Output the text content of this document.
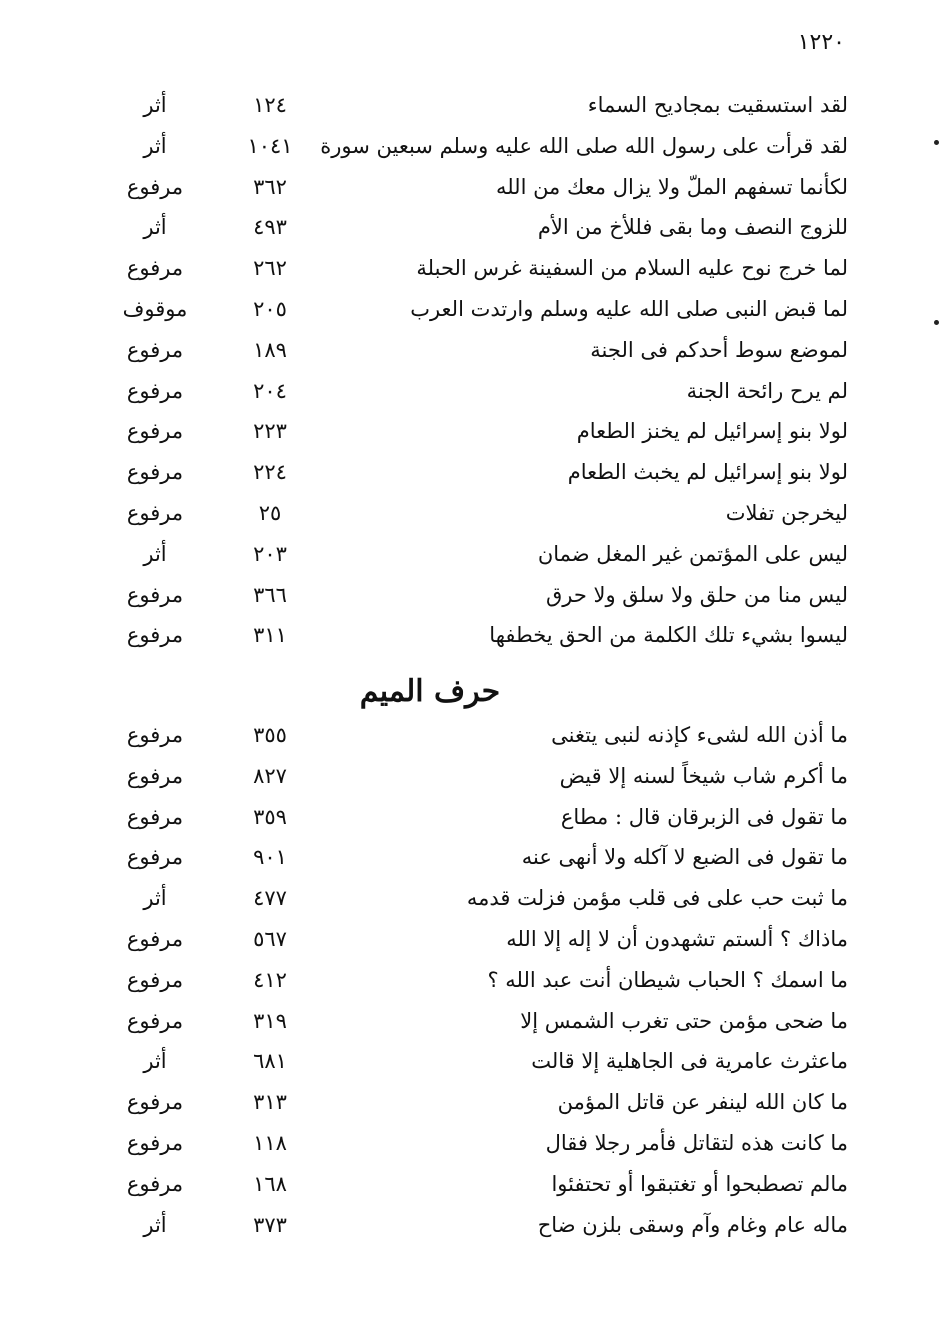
١٢٢٠
لقد استسقيت بمجاديح السماء
١٢٤
أثر
لقد قرأت على رسول الله صلى الله عليه وسلم سبعين سورة
١٠٤١
أثر
لكأنما تسفهم الملّ ولا يزال معك من الله
٣٦٢
مرفوع
للزوج النصف وما بقى فللأخ من الأم
٤٩٣
أثر
لما خرج نوح عليه السلام من السفينة غرس الحبلة
٢٦٢
مرفوع
لما قبض النبى صلى الله عليه وسلم وارتدت العرب
٢٠٥
موقوف
لموضع سوط أحدكم فى الجنة
١٨٩
مرفوع
لم يرح رائحة الجنة
٢٠٤
مرفوع
لولا بنو إسرائيل لم يخنز الطعام
٢٢٣
مرفوع
لولا بنو إسرائيل لم يخبث الطعام
٢٢٤
مرفوع
ليخرجن تفلات
٢٥
مرفوع
ليس على المؤتمن غير المغل ضمان
٢٠٣
أثر
ليس منا من حلق ولا سلق ولا حرق
٣٦٦
مرفوع
ليسوا بشيء تلك الكلمة من الحق يخطفها
٣١١
مرفوع
ما أذن الله لشىء كإذنه لنبى يتغنى
٣٥٥
مرفوع
ما أكرم شاب شيخاً لسنه إلا قيض
٨٢٧
مرفوع
ما تقول فى الزبرقان قال : مطاع
٣٥٩
مرفوع
ما تقول فى الضبع لا آكله ولا أنهى عنه
٩٠١
مرفوع
ما ثبت حب على فى قلب مؤمن فزلت قدمه
٤٧٧
أثر
ماذاك ؟ ألستم تشهدون أن لا إله إلا الله
٥٦٧
مرفوع
ما اسمك ؟ الحباب شيطان أنت عبد الله ؟
٤١٢
مرفوع
ما ضحى مؤمن حتى تغرب الشمس إلا
٣١٩
مرفوع
ماعثرث عامرية فى الجاهلية إلا قالت
٦٨١
أثر
ما كان الله لينفر عن قاتل المؤمن
٣١٣
مرفوع
ما كانت هذه لتقاتل فأمر رجلا فقال
١١٨
مرفوع
مالم تصطبحوا أو تغتبقوا أو تحتفئوا
١٦٨
مرفوع
ماله عام وغام وآم وسقى بلزن ضاح
٣٧٣
أثر
حرف الميم
